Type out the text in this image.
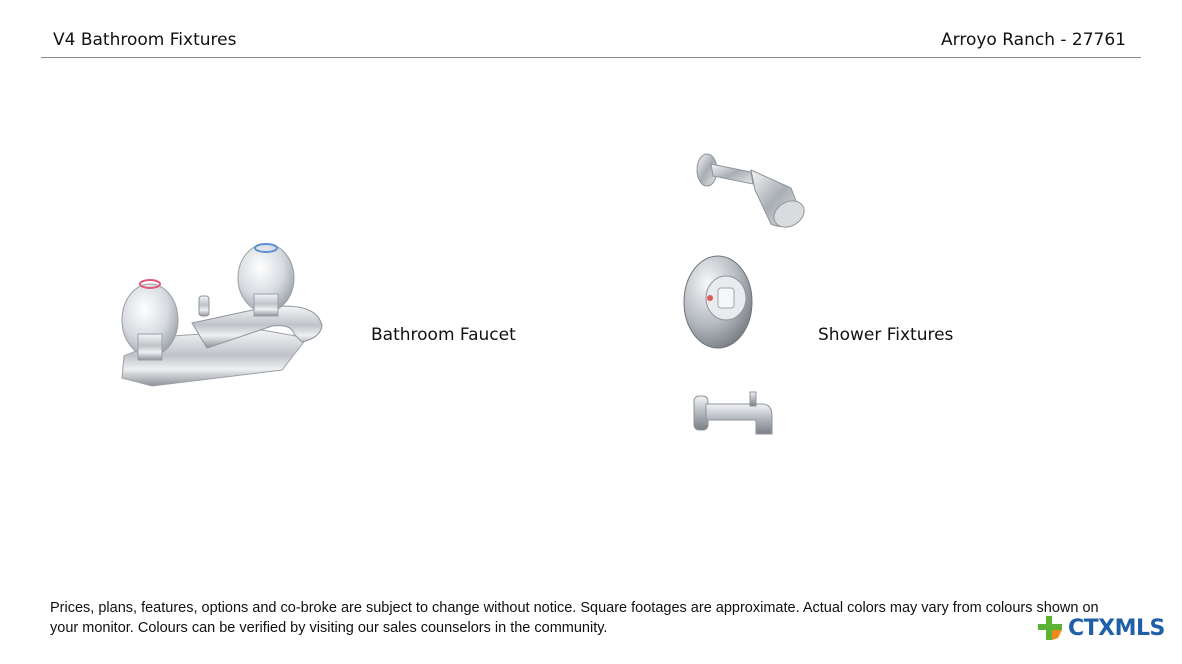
V4 Bathroom Fixtures	Arroyo Ranch - 27761
Bathroom Faucet	Shower Fixtures
Prices, plans, features, options and co-broke are subject to change without notice. Square footages are approximate. Actual colors may vary from colours shown on your monitor. Colours can be verified by visiting our sales counselors in the community.	CTXMLS
